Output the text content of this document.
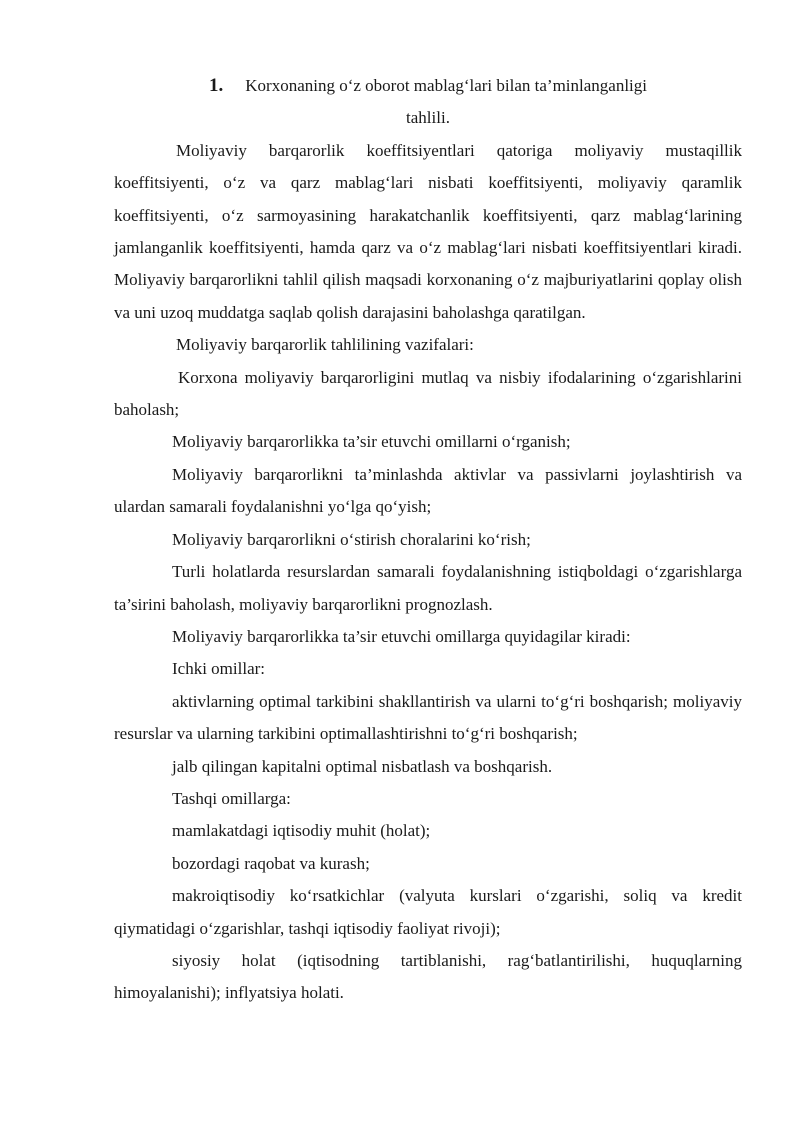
1. Korxonaning o‘z oborot mablag‘lari bilan ta’minlanganligi
tahlili.

Moliyaviy barqarorlik koeffitsiyentlari qatoriga moliyaviy mustaqillik koeffitsiyenti, o‘z va qarz mablag‘lari nisbati koeffitsiyenti, moliyaviy qaramlik koeffitsiyenti, o‘z sarmoyasining harakatchanlik koeffitsiyenti, qarz mablag‘larining jamlanganlik koeffitsiyenti, hamda qarz va o‘z mablag‘lari nisbati koeffitsiyentlari kiradi. Moliyaviy barqarorlikni tahlil qilish maqsadi korxonaning o‘z majburiyatlarini qoplay olish va uni uzoq muddatga saqlab qolish darajasini baholashga qaratilgan.

Moliyaviy barqarorlik tahlilining vazifalari:

Korxona moliyaviy barqarorligini mutlaq va nisbiy ifodalarining o‘zgarishlarini baholash;

Moliyaviy barqarorlikka ta’sir etuvchi omillarni o‘rganish;

Moliyaviy barqarorlikni ta’minlashda aktivlar va passivlarni joylashtirish va ulardan samarali foydalanishni yo‘lga qo‘yish;

Moliyaviy barqarorlikni o‘stirish choralarini ko‘rish;

Turli holatlarda resurslardan samarali foydalanishning istiqboldagi o‘zgarishlarga ta’sirini baholash, moliyaviy barqarorlikni prognozlash.

Moliyaviy barqarorlikka ta’sir etuvchi omillarga quyidagilar kiradi:

Ichki omillar:

aktivlarning optimal tarkibini shakllantirish va ularni to‘g‘ri boshqarish; moliyaviy resurslar va ularning tarkibini optimallashtirishni to‘g‘ri boshqarish;

jalb qilingan kapitalni optimal nisbatlash va boshqarish.

Tashqi omillarga:

mamlakatdagi iqtisodiy muhit (holat);

bozordagi raqobat va kurash;

makroiqtisodiy ko‘rsatkichlar (valyuta kurslari o‘zgarishi, soliq va kredit qiymatidagi o‘zgarishlar, tashqi iqtisodiy faoliyat rivoji);

siyosiy holat (iqtisodning tartiblanishi, rag‘batlantirilishi, huquqlarning himoyalanishi); inflyatsiya holati.
